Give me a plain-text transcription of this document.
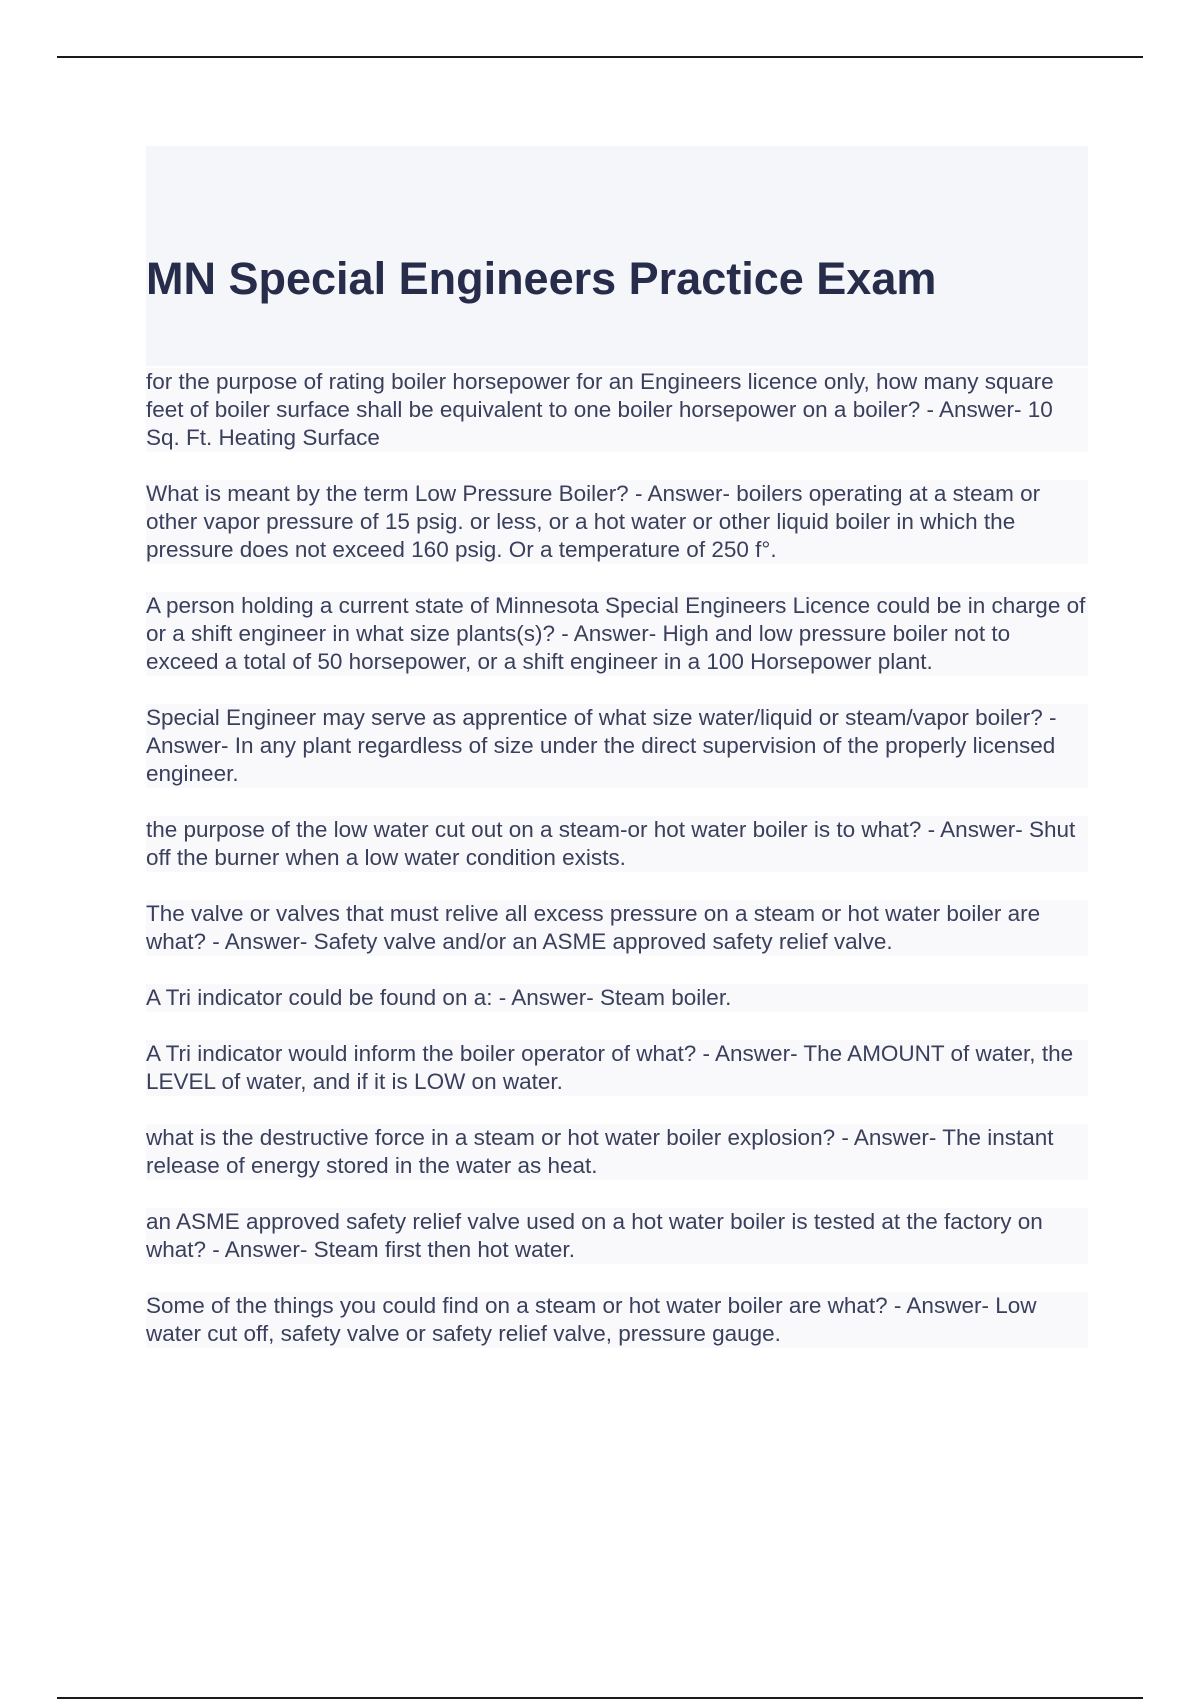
MN Special Engineers Practice Exam

for the purpose of rating boiler horsepower for an Engineers licence only, how many square feet of boiler surface shall be equivalent to one boiler horsepower on a boiler? - Answer- 10 Sq. Ft. Heating Surface

What is meant by the term Low Pressure Boiler? - Answer- boilers operating at a steam or other vapor pressure of 15 psig. or less, or a hot water or other liquid boiler in which the pressure does not exceed 160 psig. Or a temperature of 250 f°.

A person holding a current state of Minnesota Special Engineers Licence could be in charge of or a shift engineer in what size plants(s)? - Answer- High and low pressure boiler not to exceed a total of 50 horsepower, or a shift engineer in a 100 Horsepower plant.

Special Engineer may serve as apprentice of what size water/liquid or steam/vapor boiler? - Answer- In any plant regardless of size under the direct supervision of the properly licensed engineer.

the purpose of the low water cut out on a steam-or hot water boiler is to what? - Answer- Shut off the burner when a low water condition exists.

The valve or valves that must relive all excess pressure on a steam or hot water boiler are what? - Answer- Safety valve and/or an ASME approved safety relief valve.

A Tri indicator could be found on a: - Answer- Steam boiler.

A Tri indicator would inform the boiler operator of what? - Answer- The AMOUNT of water, the LEVEL of water, and if it is LOW on water.

what is the destructive force in a steam or hot water boiler explosion? - Answer- The instant release of energy stored in the water as heat.

an ASME approved safety relief valve used on a hot water boiler is tested at the factory on what? - Answer- Steam first then hot water.

Some of the things you could find on a steam or hot water boiler are what? - Answer- Low water cut off, safety valve or safety relief valve, pressure gauge.
